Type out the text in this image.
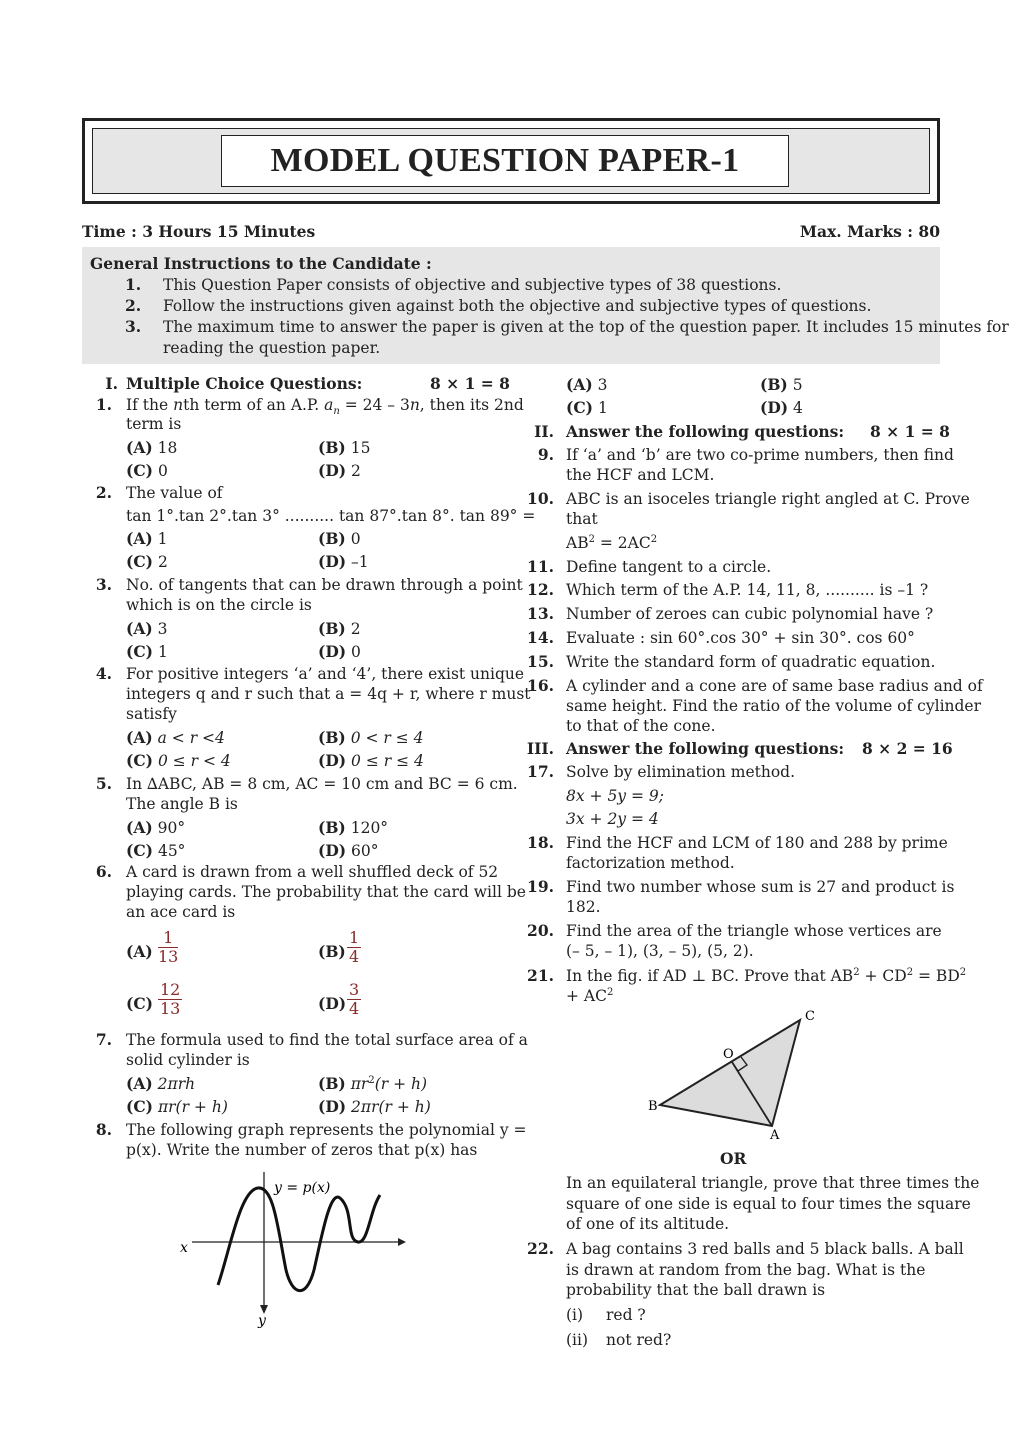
MODEL QUESTION PAPER-1
Time : 3 Hours 15 Minutes	Max. Marks : 80
General Instructions to the Candidate :
1. This Question Paper consists of objective and subjective types of 38 questions.
2. Follow the instructions given against both the objective and subjective types of questions.
3. The maximum time to answer the paper is given at the top of the question paper. It includes 15 minutes for
reading the question paper.
I. Multiple Choice Questions:	8 × 1 = 8
1. If the nth term of an A.P. $a_n = 24 - 3n$, then its 2nd
term is
(A) 18	(B) 15
(C) 0	(D) 2
2. The value of
tan 1°.tan 2°.tan 3° .......... tan 87°.tan 8°. tan 89° =
(A) 1	(B) 0
(C) 2	(D) –1
3. No. of tangents that can be drawn through a point
which is on the circle is
(A) 3	(B) 2
(C) 1	(D) 0
4. For positive integers ‘a’ and ‘4’, there exist unique
integers q and r such that a = 4q + r, where r must
satisfy
(A) a < r <4	(B) 0 < r ≤ 4
(C) 0 ≤ r < 4	(D) 0 ≤ r ≤ 4
5. In ∆ABC, AB = 8 cm, AC = 10 cm and BC = 6 cm.
The angle B is
(A) 90°	(B) 120°
(C) 45°	(D) 60°
6. A card is drawn from a well shuffled deck of 52
playing cards. The probability that the card will be
an ace card is
$(A) \frac{1}{13}$	$(B) \frac{1}{4}$
$(C) \frac{12}{13}$	$(D) \frac{3}{4}$
7. The formula used to find the total surface area of a
solid cylinder is
(A) 2πrh	(B) $\pi r^2(r + h)$
(C) πr(r + h)	(D) 2πr(r + h)
8. The following graph represents the polynomial y =
p(x). Write the number of zeros that p(x) has
y = p(x)
x
y
(A) 3	(B) 5
(C) 1	(D) 4
II. Answer the following questions: 8 × 1 = 8
9. If ‘a’ and ‘b’ are two co-prime numbers, then find
the HCF and LCM.
10. ABC is an isoceles triangle right angled at C. Prove
that
$AB^2 = 2AC^2$
11. Define tangent to a circle.
12. Which term of the A.P. 14, 11, 8, .......... is –1 ?
13. Number of zeroes can cubic polynomial have ?
14. Evaluate : sin 60°.cos 30° + sin 30°. cos 60°
15. Write the standard form of quadratic equation.
16. A cylinder and a cone are of same base radius and of
same height. Find the ratio of the volume of cylinder
to that of the cone.
III. Answer the following questions: 8 × 2 = 16
17. Solve by elimination method.
8x + 5y = 9;
3x + 2y = 4
18. Find the HCF and LCM of 180 and 288 by prime
factorization method.
19. Find two number whose sum is 27 and product is
182.
20. Find the area of the triangle whose vertices are
(– 5, – 1), (3, – 5), (5, 2).
21. In the fig. if AD ⊥ BC. Prove that $AB^2 + CD^2 = BD^2$
+ $AC^2$
C
O
B
A
OR
In an equilateral triangle, prove that three times the
square of one side is equal to four times the square
of one of its altitude.
22. A bag contains 3 red balls and 5 black balls. A ball
is drawn at random from the bag. What is the
probability that the ball drawn is
(i) red ?
(ii) not red?
